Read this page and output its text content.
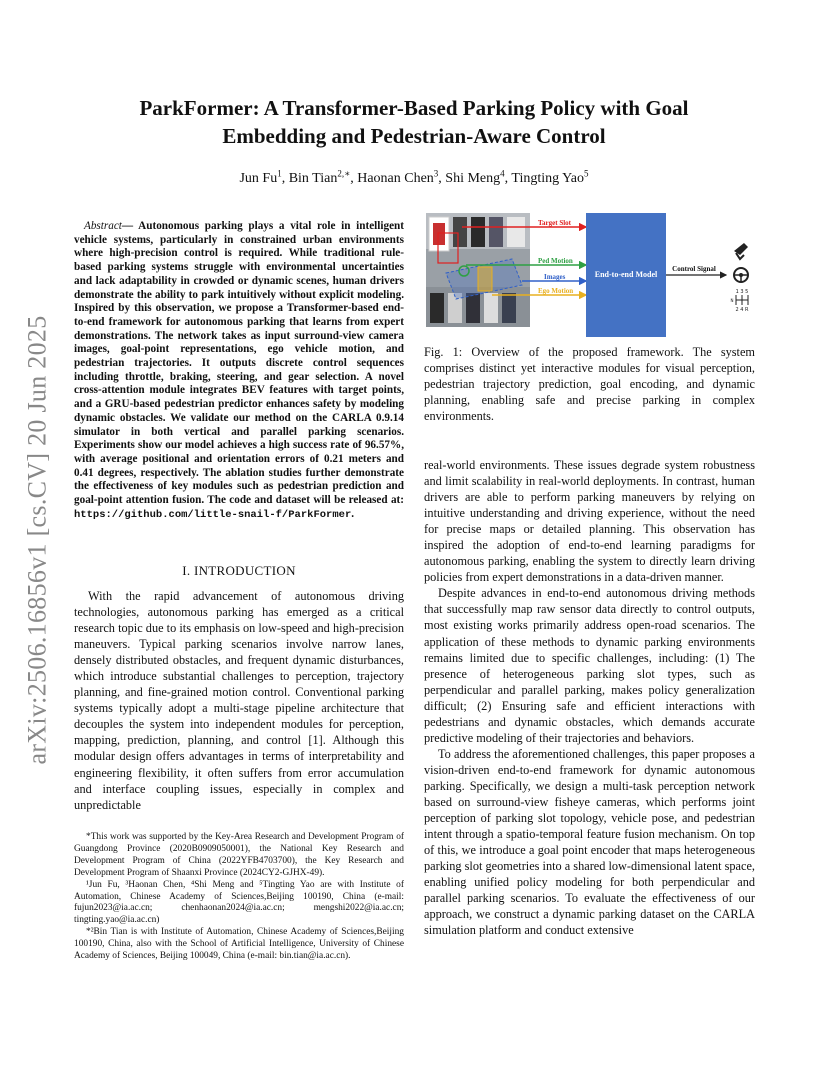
arXiv:2506.16856v1 [cs.CV] 20 Jun 2025
ParkFormer: A Transformer-Based Parking Policy with Goal
Embedding and Pedestrian-Aware Control
Jun Fu$^1$, Bin Tian$^{2,∗}$, Haonan Chen$^3$, Shi Meng$^4$, Tingting Yao$^5$
Abstract— Autonomous parking plays a vital role in intelligent vehicle systems, particularly in constrained urban environments where high-precision control is required. While traditional rule-based parking systems struggle with environmental uncertainties and lack adaptability in crowded or dynamic scenes, human drivers demonstrate the ability to park intuitively without explicit modeling. Inspired by this observation, we propose a Transformer-based end-to-end framework for autonomous parking that learns from expert demonstrations. The network takes as input surround-view camera images, goal-point representations, ego vehicle motion, and pedestrian trajectories. It outputs discrete control sequences including throttle, braking, steering, and gear selection. A novel cross-attention module integrates BEV features with target points, and a GRU-based pedestrian predictor enhances safety by modeling dynamic obstacles. We validate our method on the CARLA 0.9.14 simulator in both vertical and parallel parking scenarios. Experiments show our model achieves a high success rate of 96.57%, with average positional and orientation errors of 0.21 meters and 0.41 degrees, respectively. The ablation studies further demonstrate the effectiveness of key modules such as pedestrian prediction and goal-point attention fusion. The code and dataset will be released at: https://github.com/little-snail-f/ParkFormer.
I. INTRODUCTION

With the rapid advancement of autonomous driving technologies, autonomous parking has emerged as a critical research topic due to its emphasis on low-speed and high-precision maneuvers. Typical parking scenarios involve narrow lanes, densely distributed obstacles, and frequent dynamic disturbances, which introduce substantial challenges to perception, trajectory planning, and fine-grained motion control. Conventional parking systems typically adopt a multi-stage pipeline architecture that decouples the system into independent modules for perception, mapping, prediction, planning, and control [1]. Although this modular design offers advantages in terms of interpretability and engineering flexibility, it often suffers from error accumulation and interface coupling issues, especially in complex and unpredictable

*This work was supported by the Key-Area Research and Development Program of Guangdong Province (2020B0909050001), the National Key Research and Development Program of China (2022YFB4703700), the Key Research and Development Program of Shaanxi Province (2024CY2-GJHX-49).

¹Jun Fu, ³Haonan Chen, ⁴Shi Meng and ⁵Tingting Yao are with Institute of Automation, Chinese Academy of Sciences,Beijing 100190, China (e-mail: fujun2023@ia.ac.cn; chenhaonan2024@ia.ac.cn; mengshi2022@ia.ac.cn; tingting.yao@ia.ac.cn)

*²Bin Tian is with Institute of Automation, Chinese Academy of Sciences,Beijing 100190, China, also with the School of Artificial Intelligence, University of Chinese Academy of Sciences, Beijing 100049, China (e-mail: bin.tian@ia.ac.cn).

Target Slot
Ped Motion
Images
Ego Motion
End-to-end Model
Control Signal
1 3 5
N
2 4 R
Fig. 1: Overview of the proposed framework. The system comprises distinct yet interactive modules for visual perception, pedestrian trajectory prediction, goal encoding, and dynamic planning, enabling safe and precise parking in complex environments.

real-world environments. These issues degrade system robustness and limit scalability in real-world deployments. In contrast, human drivers are able to perform parking maneuvers by relying on intuitive understanding and driving experience, without the need for precise maps or detailed planning. This observation has inspired the adoption of end-to-end learning paradigms for autonomous parking, enabling the system to directly learn driving policies from expert demonstrations in a data-driven manner.

Despite advances in end-to-end autonomous driving methods that successfully map raw sensor data directly to control outputs, most existing works primarily address open-road scenarios. The application of these methods to dynamic parking environments remains limited due to specific challenges, including: (1) The presence of heterogeneous parking slot types, such as perpendicular and parallel parking, makes policy generalization difficult; (2) Ensuring safe and efficient interactions with pedestrians and dynamic obstacles, which demands accurate predictive modeling of their trajectories and behaviors.

To address the aforementioned challenges, this paper proposes a vision-driven end-to-end framework for dynamic autonomous parking. Specifically, we design a multi-task perception network based on surround-view fisheye cameras, which performs joint perception of parking slot topology, vehicle pose, and pedestrian intent through a spatio-temporal feature fusion mechanism. On top of this, we introduce a goal point encoder that maps heterogeneous parking slot geometries into a shared low-dimensional latent space, enabling unified policy modeling for both perpendicular and parallel parking scenarios. To evaluate the effectiveness of our approach, we construct a dynamic parking dataset on the CARLA simulation platform and conduct extensive
